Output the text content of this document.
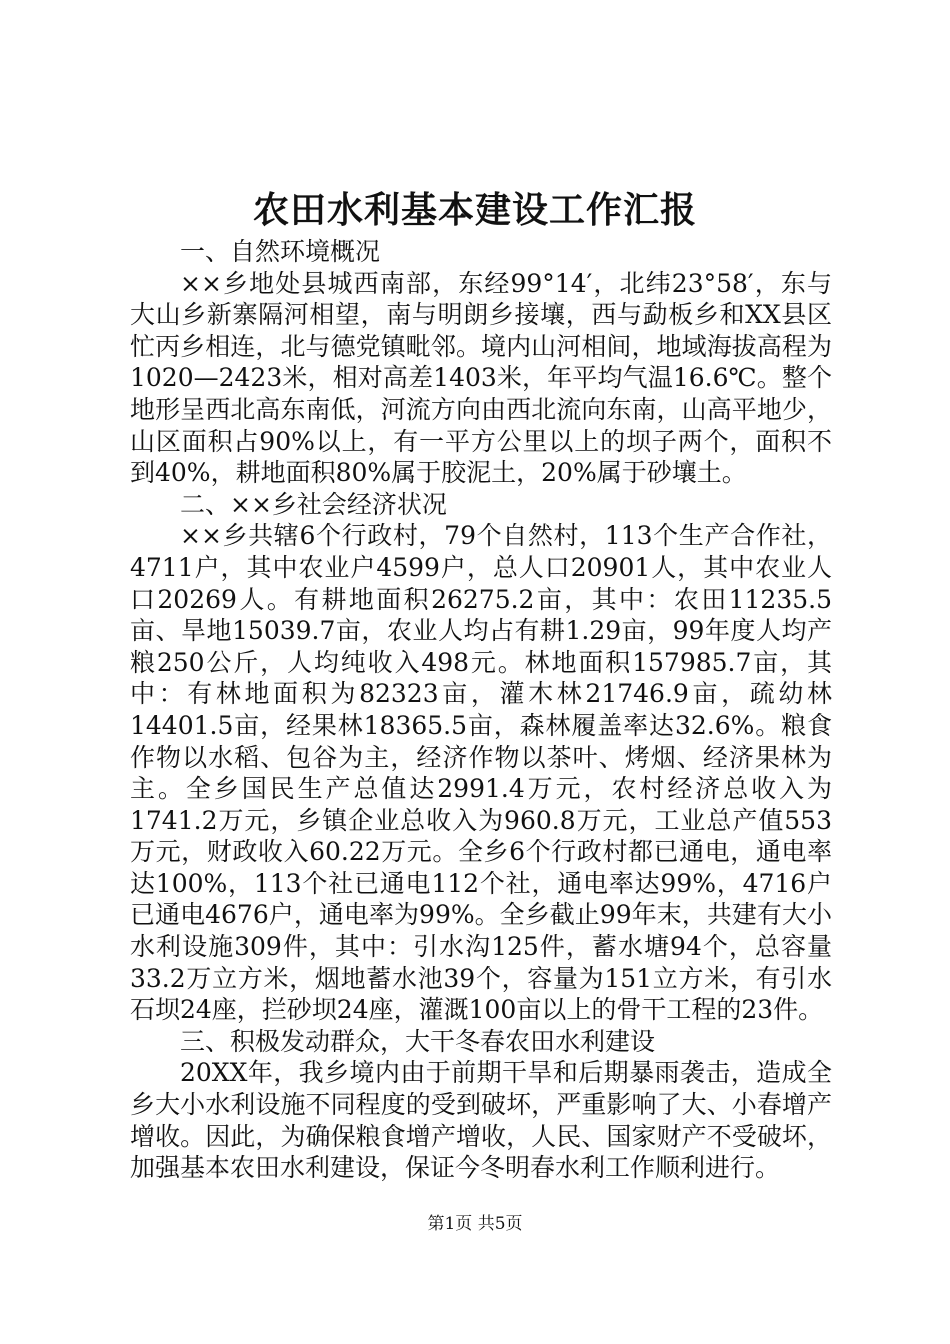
农田水利基本建设工作汇报

一、自然环境概况

××乡地处县城西南部，东经99°14′，北纬23°58′，东与大山乡新寨隔河相望，南与明朗乡接壤，西与勐板乡和XX县区忙丙乡相连，北与德党镇毗邻。境内山河相间，地域海拔高程为1020—2423米，相对高差1403米，年平均气温16.6℃。整个地形呈西北高东南低，河流方向由西北流向东南，山高平地少，山区面积占90%以上，有一平方公里以上的坝子两个，面积不到40%，耕地面积80%属于胶泥土，20%属于砂壤土。

二、××乡社会经济状况

××乡共辖6个行政村，79个自然村，113个生产合作社，4711户，其中农业户4599户，总人口20901人，其中农业人口20269人。有耕地面积26275.2亩，其中：农田11235.5亩、旱地15039.7亩，农业人均占有耕1.29亩，99年度人均产粮250公斤，人均纯收入498元。林地面积157985.7亩，其中：有林地面积为82323亩，灌木林21746.9亩，疏幼林14401.5亩，经果林18365.5亩，森林履盖率达32.6%。粮食作物以水稻、包谷为主，经济作物以茶叶、烤烟、经济果林为主。全乡国民生产总值达2991.4万元，农村经济总收入为1741.2万元，乡镇企业总收入为960.8万元，工业总产值553万元，财政收入60.22万元。全乡6个行政村都已通电，通电率达100%，113个社已通电112个社，通电率达99%，4716户已通电4676户，通电率为99%。全乡截止99年末，共建有大小水利设施309件，其中：引水沟125件，蓄水塘94个，总容量33.2万立方米，烟地蓄水池39个，容量为151立方米，有引水石坝24座，拦砂坝24座，灌溉100亩以上的骨干工程的23件。

三、积极发动群众，大干冬春农田水利建设

20XX年，我乡境内由于前期干旱和后期暴雨袭击，造成全乡大小水利设施不同程度的受到破坏，严重影响了大、小春增产增收。因此，为确保粮食增产增收，人民、国家财产不受破坏，加强基本农田水利建设，保证今冬明春水利工作顺利进行。

第1页 共5页
